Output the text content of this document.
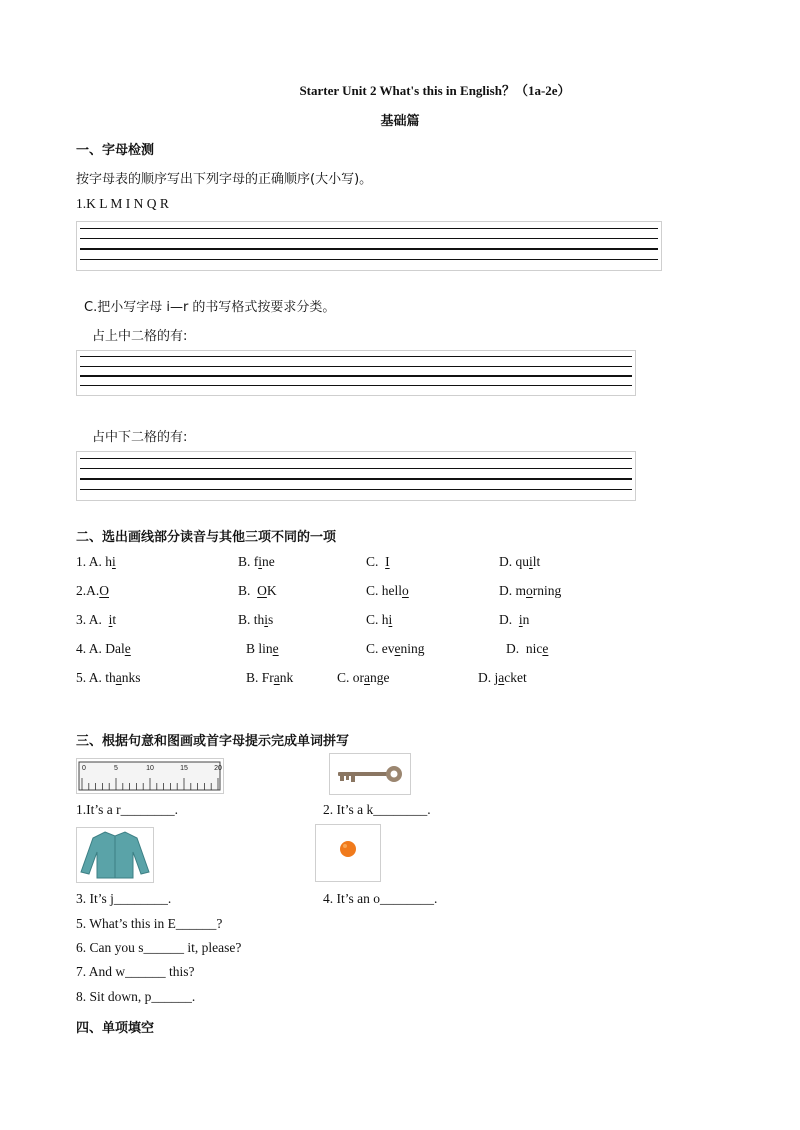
Starter Unit 2 What's this in English？（1a-2e）
基础篇
一、字母检测
按字母表的顺序写出下列字母的正确顺序(大小写)。
1.K L M I N Q R
C.把小写字母 i—r 的书写格式按要求分类。
占上中二格的有:
占中下二格的有:
二、选出画线部分读音与其他三项不同的一项
1. A. hi	B. fine	C.  I	D. quilt
2.A.O	B.  OK	C. hello	D. morning
3. A.  it	B. this	C. hi	D.  in
4. A. Dale	B line	C. evening	D.  nice
5. A. thanks	B. Frank	C. orange	D. jacket
三、根据句意和图画或首字母提示完成单词拼写
0	5	10	15	20
1.It’s a r________.	2. It’s a k________.
3. It’s j________.	4. It’s an o________.
5. What’s this in E______?
6. Can you s______ it, please?
7. And w______ this?
8. Sit down, p______.
四、单项填空
